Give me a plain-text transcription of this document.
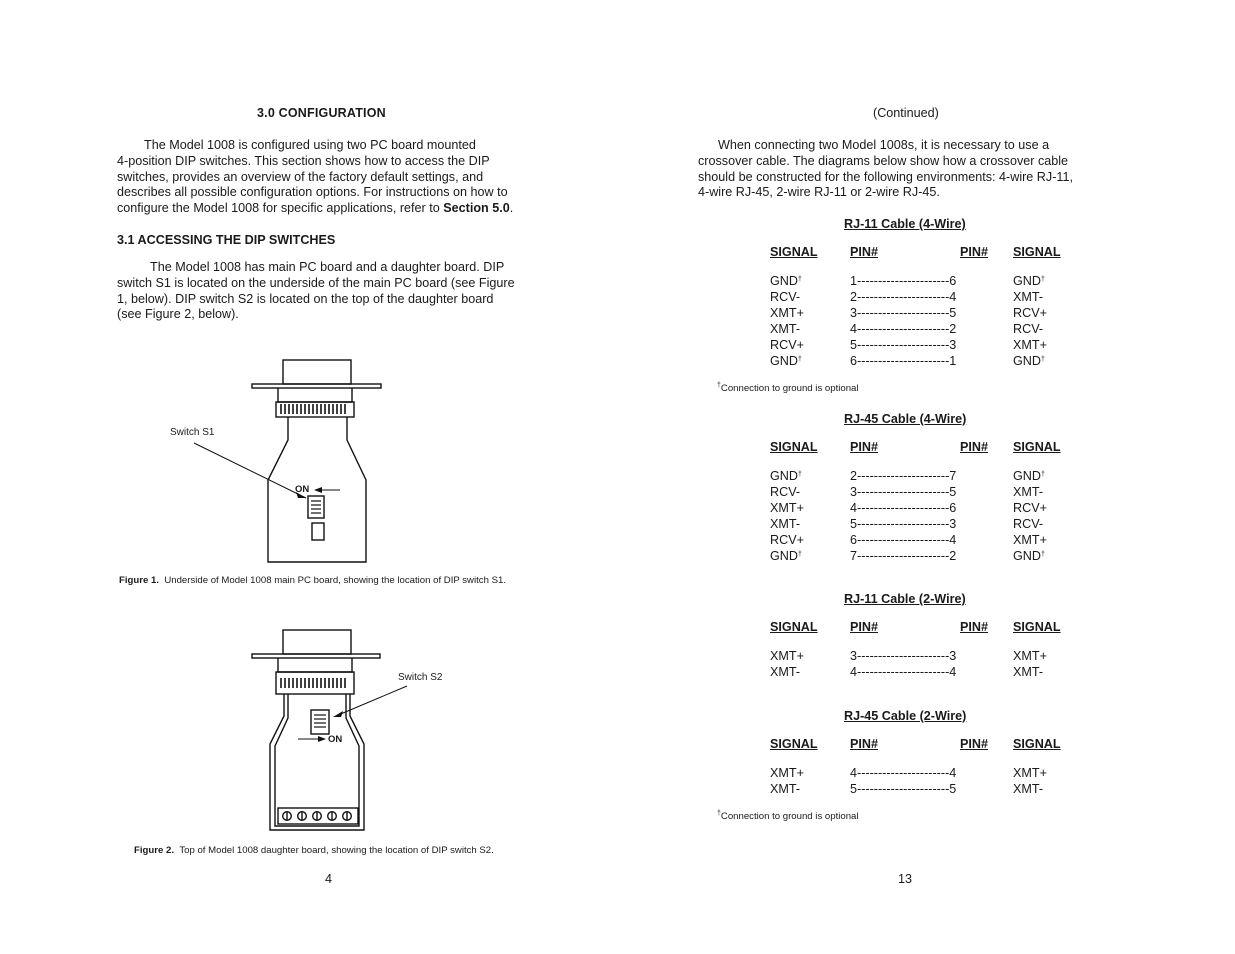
3.0 CONFIGURATION
The Model 1008 is configured using two PC board mounted
4-position DIP switches. This section shows how to access the DIP
switches, provides an overview of the factory default settings, and
describes all possible configuration options. For instructions on how to
configure the Model 1008 for specific applications, refer to Section 5.0.
3.1 ACCESSING THE DIP SWITCHES
The Model 1008 has main PC board and a daughter board. DIP
switch S1 is located on the underside of the main PC board (see Figure
1, below). DIP switch S2 is located on the top of the daughter board
(see Figure 2, below).
Switch S1
ON
Figure 1. Underside of Model 1008 main PC board, showing the location of DIP switch S1.
Switch S2
ON
Figure 2. Top of Model 1008 daughter board, showing the location of DIP switch S2.
4
(Continued)
When connecting two Model 1008s, it is necessary to use a
crossover cable. The diagrams below show how a crossover cable
should be constructed for the following environments: 4-wire RJ-11,
4-wire RJ-45, 2-wire RJ-11 or 2-wire RJ-45.
RJ-11 Cable (4-Wire)
SIGNAL	PIN#	PIN# SIGNAL
GND†	1----------------------6	GND†
RCV-	2----------------------4	XMT-
XMT+	3----------------------5	RCV+
XMT-	4----------------------2	RCV-
RCV+	5----------------------3	XMT+
GND†	6----------------------1	GND†
RJ-45 Cable (4-Wire)
SIGNAL	PIN#	PIN# SIGNAL
GND†	2----------------------7	GND†
RCV-	3----------------------5	XMT-
XMT+	4----------------------6	RCV+
XMT-	5----------------------3	RCV-
RCV+	6----------------------4	XMT+
GND†	7----------------------2	GND†
RJ-11 Cable (2-Wire)
SIGNAL	PIN#	PIN# SIGNAL
XMT+	3----------------------3	XMT+
XMT-	4----------------------4	XMT-
RJ-45 Cable (2-Wire)
SIGNAL	PIN#	PIN# SIGNAL
XMT+	4----------------------4	XMT+
XMT-	5----------------------5	XMT-
†Connection to ground is optional
†Connection to ground is optional
13
